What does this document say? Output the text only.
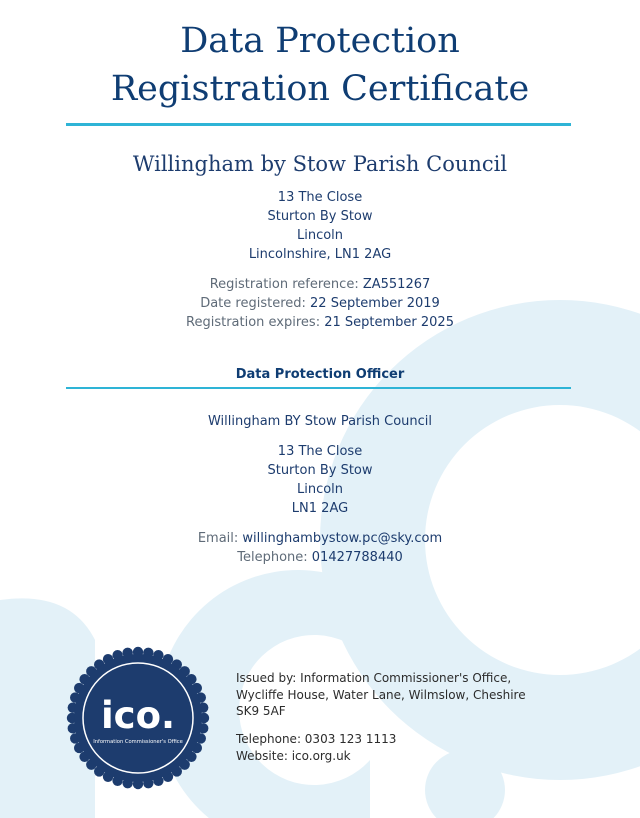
Data Protection
Registration Certificate
Willingham by Stow Parish Council
13 The Close
Sturton By Stow
Lincoln
Lincolnshire, LN1 2AG
Registration reference: ZA551267
Date registered: 22 September 2019
Registration expires: 21 September 2025
Data Protection Officer
Willingham BY Stow Parish Council
13 The Close
Sturton By Stow
Lincoln
LN1 2AG
Email: willinghambystow.pc@sky.com
Telephone: 01427788440
ico.
Information Commissioner's Office
Issued by: Information Commissioner's Office,
Wycliffe House, Water Lane, Wilmslow, Cheshire
SK9 5AF
Telephone: 0303 123 1113
Website: ico.org.uk
